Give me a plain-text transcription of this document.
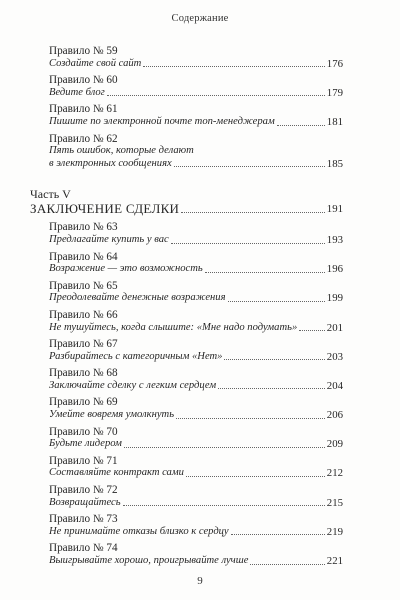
Содержание
Правило № 59
Создайте свой сайт	176
Правило № 60
Ведите блог	179
Правило № 61
Пишите по электронной почте топ-менеджерам	181
Правило № 62
Пять ошибок, которые делают
в электронных сообщениях	185
Часть V
ЗАКЛЮЧЕНИЕ СДЕЛКИ	191
Правило № 63
Предлагайте купить у вас	193
Правило № 64
Возражение — это возможность	196
Правило № 65
Преодолевайте денежные возражения	199
Правило № 66
Не тушуйтесь, когда слышите: «Мне надо подумать»	201
Правило № 67
Разбирайтесь с категоричным «Нет»	203
Правило № 68
Заключайте сделку с легким сердцем	204
Правило № 69
Умейте вовремя умолкнуть	206
Правило № 70
Будьте лидером	209
Правило № 71
Составляйте контракт сами	212
Правило № 72
Возвращайтесь	215
Правило № 73
Не принимайте отказы близко к сердцу	219
Правило № 74
Выигрывайте хорошо, проигрывайте лучше	221
9
